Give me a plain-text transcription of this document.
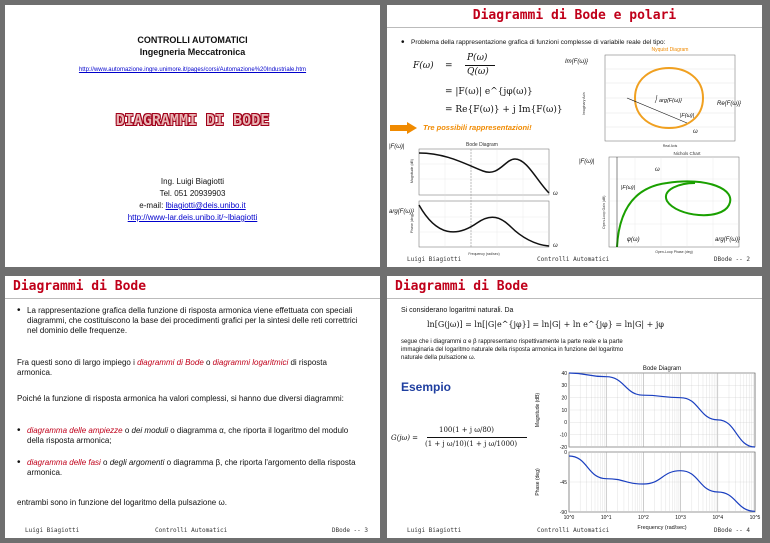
CONTROLLI AUTOMATICI
Ingegneria Meccatronica
http://www.automazione.ingre.unimore.it/pages/corsi/Automazione%20Industriale.htm
DIAGRAMMI DI BODE
Ing. Luigi Biagiotti
Tel. 051 20939903
e-mail: lbiagiotti@deis.unibo.it
http://www-lar.deis.unibo.it/~lbiagiotti
Diagrammi di Bode e polari
• Problema della rappresentazione grafica di funzioni complesse di variabile reale del tipo:
F(ω) =
P(ω)
Q(ω)
= |F(ω)| e^{jφ(ω)}
= Re{F(ω)} + j Im{F(ω)}
Tre possibili rappresentazioni!
Nyquist Diagram
Im{F(ω)}
Re{F(ω)}
Imaginary Axis
Real Axis
arg{F(ω)}
|F(ω)|
ω
Bode Diagram
|F(ω)|
arg{F(ω)}
ω
ω
Frequency (rad/sec)
Magnitude (dB)
Phase (deg)
Nichols Chart
|F(ω)|
|F(ω)|
ω
φ(ω)	arg{F(ω)}
Open-Loop Phase (deg)
Open-Loop Gain (dB)
Luigi Biagiotti	Controlli Automatici	DBode -- 2
Diagrammi di Bode
• La rappresentazione grafica della funzione di risposta armonica viene effettuata con speciali diagrammi, che costituiscono la base dei procedimenti grafici per la sintesi delle reti correttrici nel dominio delle frequenze.
Fra questi sono di largo impiego i diagrammi di Bode o diagrammi logaritmici di risposta armonica.
Poiché la funzione di risposta armonica ha valori complessi, si hanno due diversi diagrammi:
• diagramma delle ampiezze o dei moduli o diagramma α, che riporta il logaritmo del modulo della risposta armonica;
• diagramma delle fasi o degli argomenti o diagramma β, che riporta l'argomento della risposta armonica.
entrambi sono in funzione del logaritmo della pulsazione ω.
Luigi Biagiotti	Controlli Automatici	DBode -- 3
Diagrammi di Bode
Si considerano logaritmi naturali. Da
ln[G(jω)] = ln[|G|e^{jφ}] = ln|G| + ln e^{jφ} = ln|G| + jφ
segue che i diagrammi α e β rappresentano rispettivamente la parte reale e la parte immaginaria del logaritmo naturale della risposta armonica in funzione del logaritmo naturale della pulsazione ω.
Esempio
G(jω) =
100(1 + j ω/80)
(1 + j ω/10)(1 + j ω/1000)
Bode Diagram
10^0	10^1	10^2	10^3	10^4	10^5
40
30
20
10
0
-10
-20
0
-45
-90
Magnitude (dB)
Phase (deg)
Frequency (rad/sec)
Luigi Biagiotti	Controlli Automatici	DBode -- 4
